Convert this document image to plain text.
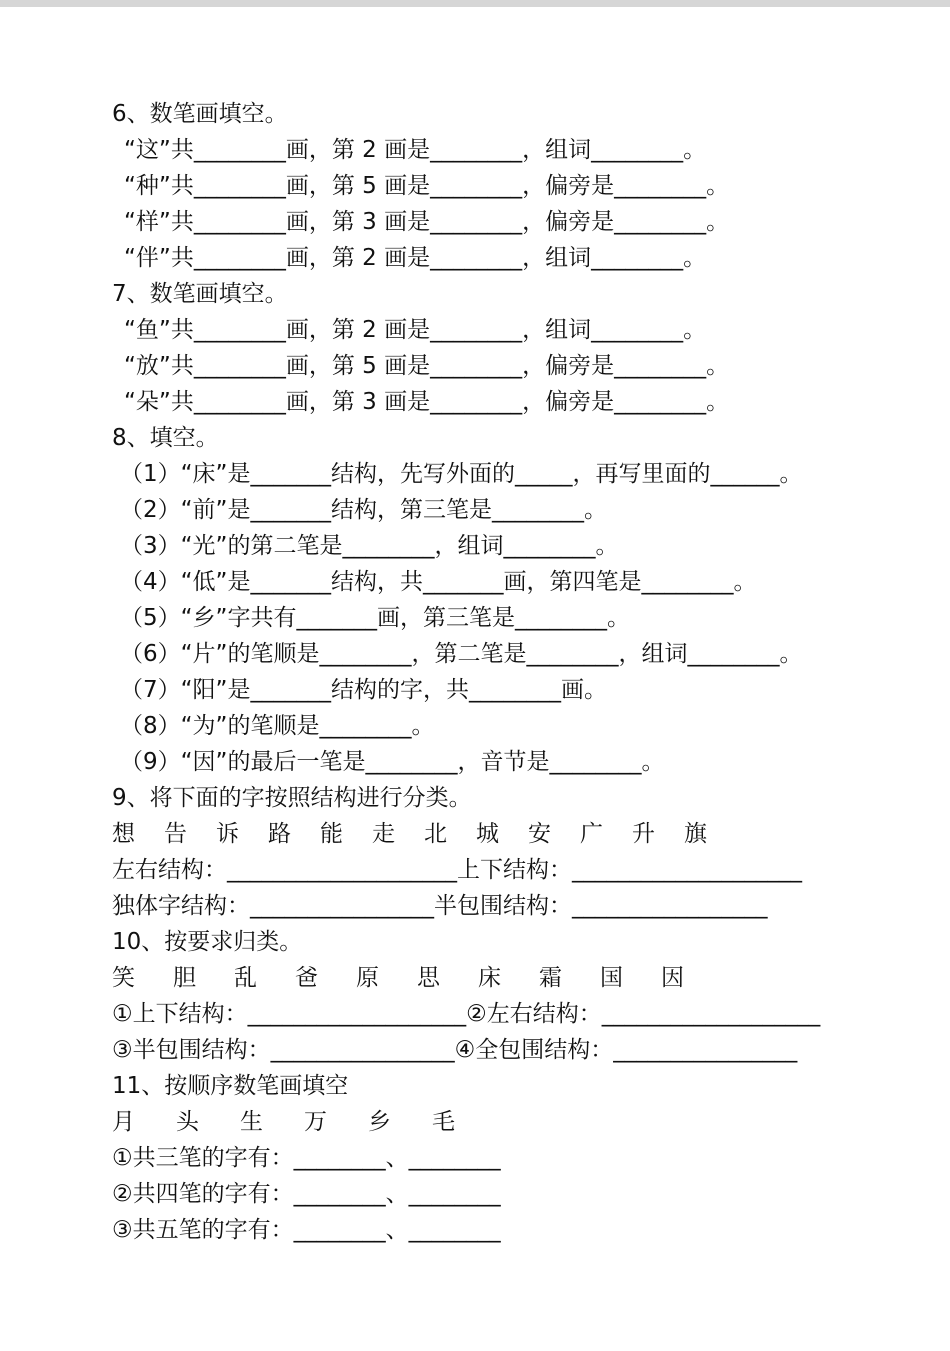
6、数笔画填空。
“这”共________画，第 2 画是________，组词________。
“种”共________画，第 5 画是________，偏旁是________。
“样”共________画，第 3 画是________，偏旁是________。
“伴”共________画，第 2 画是________，组词________。
7、数笔画填空。
“鱼”共________画，第 2 画是________，组词________。
“放”共________画，第 5 画是________，偏旁是________。
“朵”共________画，第 3 画是________，偏旁是________。
8、填空。
（1）“床”是_______结构，先写外面的_____，再写里面的______。
（2）“前”是_______结构，第三笔是________。
（3）“光”的第二笔是________，组词________。
（4）“低”是_______结构，共_______画，第四笔是________。
（5）“乡”字共有_______画，第三笔是________。
（6）“片”的笔顺是________，第二笔是________，组词________。
（7）“阳”是_______结构的字，共________画。
（8）“为”的笔顺是________。
（9）“因”的最后一笔是________，音节是________。
9、将下面的字按照结构进行分类。
想 告 诉 路 能 走 北 城 安 广 升 旗
左右结构：____________________上下结构：____________________
独体字结构：________________半包围结构：_________________
10、按要求归类。
笑 胆 乱 爸 原 思 床 霜 国 因
①上下结构：___________________②左右结构：___________________
③半包围结构：________________④全包围结构：________________
11、按顺序数笔画填空
月 头 生 万 乡 毛
①共三笔的字有：________、________
②共四笔的字有：________、________
③共五笔的字有：________、________
